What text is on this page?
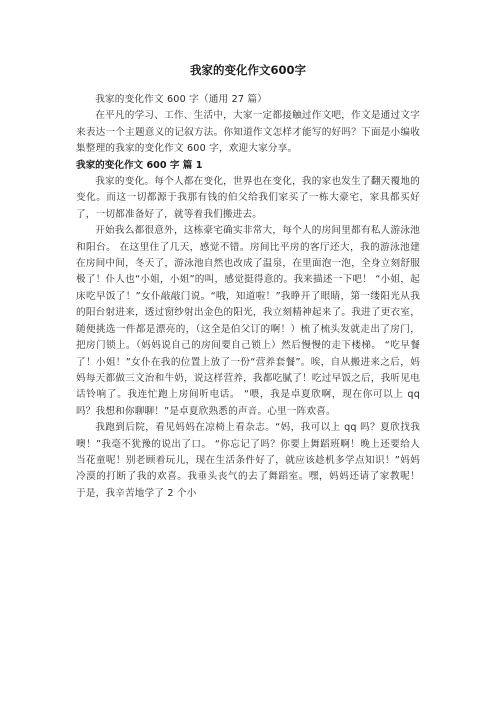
我家的变化作文600字

我家的变化作文 600 字（通用 27 篇）

在平凡的学习、工作、生活中，大家一定都接触过作文吧，作文是通过文字来表达一个主题意义的记叙方法。你知道作文怎样才能写的好吗？下面是小编收集整理的我家的变化作文 600 字，欢迎大家分享。

我家的变化作文 600 字 篇 1

我家的变化。每个人都在变化，世界也在变化，我的家也发生了翻天覆地的变化。而这一切都源于我那有钱的伯父给我们家买了一栋大豪宅，家具都买好了，一切都准备好了，就等着我们搬进去。

开始我么都很意外，这栋豪宅确实非常大，每个人的房间里都有私人游泳池和阳台。 在这里住了几天，感觉不错。房间比平房的客厅还大，我的游泳池建在房间中间，冬天了，游泳池自然也改成了温泉，在里面泡一泡，全身立刻舒服极了！仆人也“小姐，小姐”的叫，感觉挺得意的。我来描述一下吧！ “小姐，起床吃早饭了！”女仆敲敲门说。“哦，知道啦！”我睁开了眼睛，第一缕阳光从我的阳台射进来，透过窗纱射出金色的阳光，我立刻精神起来了。我进了更衣室，随便挑选一件都是漂亮的，（这全是伯父订的啊！）梳了梳头发就走出了房门，把房门锁上。（妈妈说自己的房间要自己锁上）然后慢慢的走下楼梯。 “吃早餐了！小姐！”女仆在我的位置上放了一份“营养套餐”。唉，自从搬进来之后，妈妈每天都做三文治和牛奶，说这样营养，我都吃腻了！吃过早饭之后，我听见电话铃响了。我连忙跑上房间听电话。 “喂，我是卓夏欣啊，现在你可以上 qq 吗？我想和你聊聊！”是卓夏欣熟悉的声音。心里一阵欢喜。

我跑到后院，看见妈妈在凉椅上看杂志。“妈，我可以上 qq 吗？夏欣找我噢！”我毫不犹豫的说出了口。 “你忘记了吗？你要上舞蹈班啊！晚上还要给人当花童呢！别老顾着玩儿，现在生活条件好了，就应该趁机多学点知识！”妈妈冷漠的打断了我的欢喜。我垂头丧气的去了舞蹈室。嘿，妈妈还请了家教呢！ 于是，我辛苦地学了 2 个小
